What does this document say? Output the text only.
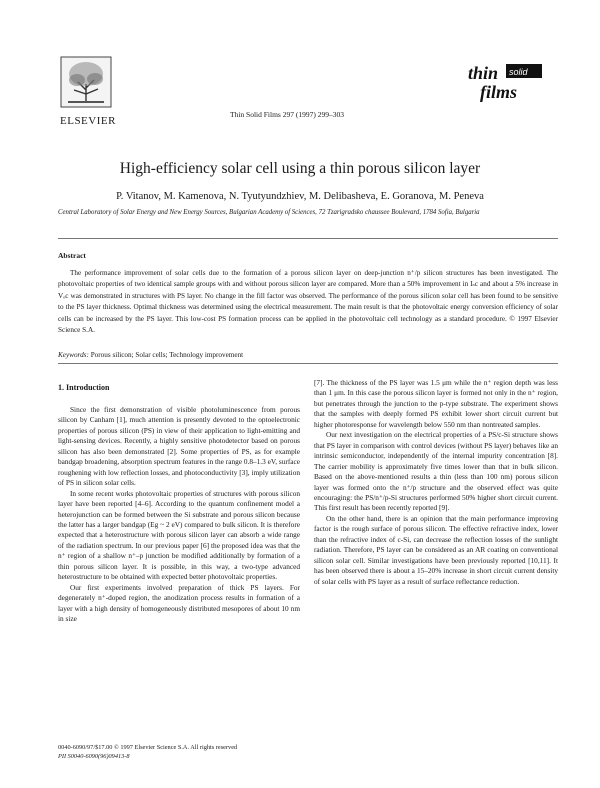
ELSEVIER
Thin Solid Films 297 (1997) 299–303
thin
films
solid
High-efficiency solar cell using a thin porous silicon layer
P. Vitanov, M. Kamenova, N. Tyutyundzhiev, M. Delibasheva, E. Goranova, M. Peneva
Central Laboratory of Solar Energy and New Energy Sources, Bulgarian Academy of Sciences, 72 Tzarigradsko chaussee Boulevard, 1784 Sofia, Bulgaria
Abstract
The performance improvement of solar cells due to the formation of a porous silicon layer on deep-junction n⁺/p silicon structures has been investigated. The photovoltaic properties of two identical sample groups with and without porous silicon layer are compared. More than a 50% improvement in Iₛc and about a 5% increase in Vₒc was demonstrated in structures with PS layer. No change in the fill factor was observed. The performance of the porous silicon solar cell has been found to be sensitive to the PS layer thickness. Optimal thickness was determined using the electrical measurement. The main result is that the photovoltaic energy conversion efficiency of solar cells can be increased by the PS layer. This low-cost PS formation process can be applied in the photovoltaic cell technology as a standard procedure. © 1997 Elsevier Science S.A.
Keywords: Porous silicon; Solar cells; Technology improvement
1. Introduction

Since the first demonstration of visible photoluminescence from porous silicon by Canham [1], much attention is presently devoted to the optoelectronic properties of porous silicon (PS) in view of their application to light-emitting and light-sensing devices. Recently, a highly sensitive photodetector based on porous silicon has also been demonstrated [2]. Some properties of PS, as for example bandgap broadening, absorption spectrum features in the range 0.8–1.3 eV, surface roughening with low reflection losses, and photoconductivity [3], imply utilization of PS in silicon solar cells.

In some recent works photovoltaic properties of structures with porous silicon layer have been reported [4–6]. According to the quantum confinement model a heterojunction can be formed between the Si substrate and porous silicon because the latter has a larger bandgap (Eg ~ 2 eV) compared to bulk silicon. It is therefore expected that a heterostructure with porous silicon layer can absorb a wide range of the radiation spectrum. In our previous paper [6] the proposed idea was that the n⁺ region of a shallow n⁺–p junction be modified additionally by formation of a thin porous silicon layer. It is possible, in this way, a two-type advanced heterostructure to be obtained with expected better photovoltaic properties.

Our first experiments involved preparation of thick PS layers. For degenerately n⁺-doped region, the anodization process results in formation of a layer with a high density of homogeneously distributed mesopores of about 10 nm in size

[7]. The thickness of the PS layer was 1.5 μm while the n⁺ region depth was less than 1 μm. In this case the porous silicon layer is formed not only in the n⁺ region, but penetrates through the junction to the p-type substrate. The experiment shows that the samples with deeply formed PS exhibit lower short circuit current but higher photoresponse for wavelength below 550 nm than nontreated samples.

Our next investigation on the electrical properties of a PS/c-Si structure shows that PS layer in comparison with control devices (without PS layer) behaves like an intrinsic semiconductor, independently of the internal impurity concentration [8]. The carrier mobility is approximately five times lower than that in bulk silicon. Based on the above-mentioned results a thin (less than 100 nm) porous silicon layer was formed onto the n⁺/p structure and the observed effect was quite encouraging: the PS/n⁺/p-Si structures performed 50% higher short circuit current. This first result has been recently reported [9].

On the other hand, there is an opinion that the main performance improving factor is the rough surface of porous silicon. The effective refractive index, lower than the refractive index of c-Si, can decrease the reflection losses of the sunlight radiation. Therefore, PS layer can be considered as an AR coating on conventional silicon solar cell. Similar investigations have been previously reported [10,11]. It has been observed there is about a 15–20% increase in short circuit current density of solar cells with PS layer as a result of surface reflectance reduction.

0040-6090/97/$17.00 © 1997 Elsevier Science S.A. All rights reserved
PII S0040-6090(96)09413-8
